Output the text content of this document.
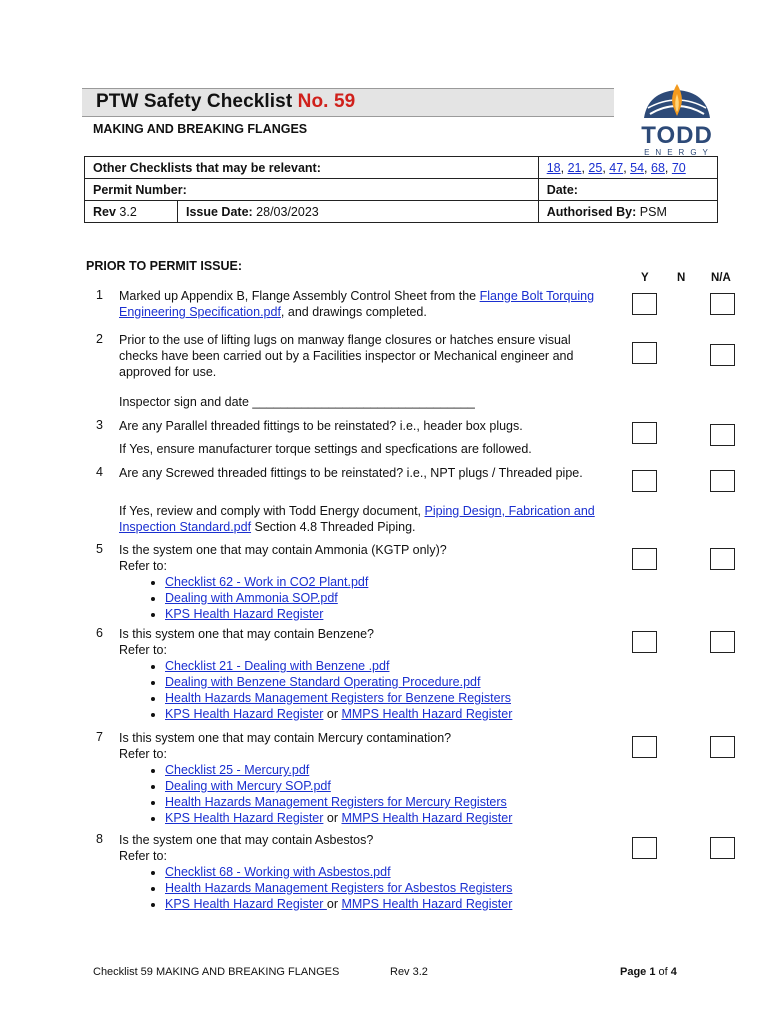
PTW Safety Checklist No. 59
MAKING AND BREAKING FLANGES	TODD
ENERGY
Other Checklists that may be relevant:		18, 21, 25, 47, 54, 68, 70
Permit Number:		Date:
Rev 3.2	Issue Date: 28/03/2023	Authorised By: PSM
PRIOR TO PERMIT ISSUE:
Y N N/A
1 Marked up Appendix B, Flange Assembly Control Sheet from the Flange Bolt Torquing Engineering Specification.pdf, and drawings completed.
2 Prior to the use of lifting lugs on manway flange closures or hatches ensure visual checks have been carried out by a Facilities inspector or Mechanical engineer and approved for use.
Inspector sign and date ________________________________
3 Are any Parallel threaded fittings to be reinstated? i.e., header box plugs.
If Yes, ensure manufacturer torque settings and specfications are followed.
4 Are any Screwed threaded fittings to be reinstated? i.e., NPT plugs / Threaded pipe.
If Yes, review and comply with Todd Energy document, Piping Design, Fabrication and Inspection Standard.pdf Section 4.8 Threaded Piping.
5 Is the system one that may contain Ammonia (KGTP only)?
Refer to:
• Checklist 62 - Work in CO2 Plant.pdf
• Dealing with Ammonia SOP.pdf
• KPS Health Hazard Register
6 Is this system one that may contain Benzene?
Refer to:
• Checklist 21 - Dealing with Benzene .pdf
• Dealing with Benzene Standard Operating Procedure.pdf
• Health Hazards Management Registers for Benzene Registers
• KPS Health Hazard Register or MMPS Health Hazard Register
7 Is this system one that may contain Mercury contamination?
Refer to:
• Checklist 25 - Mercury.pdf
• Dealing with Mercury SOP.pdf
• Health Hazards Management Registers for Mercury Registers
• KPS Health Hazard Register or MMPS Health Hazard Register
8 Is the system one that may contain Asbestos?
Refer to:
• Checklist 68 - Working with Asbestos.pdf
• Health Hazards Management Registers for Asbestos Registers
• KPS Health Hazard Register or MMPS Health Hazard Register
Checklist 59 MAKING AND BREAKING FLANGES	Rev 3.2	Page 1 of 4
